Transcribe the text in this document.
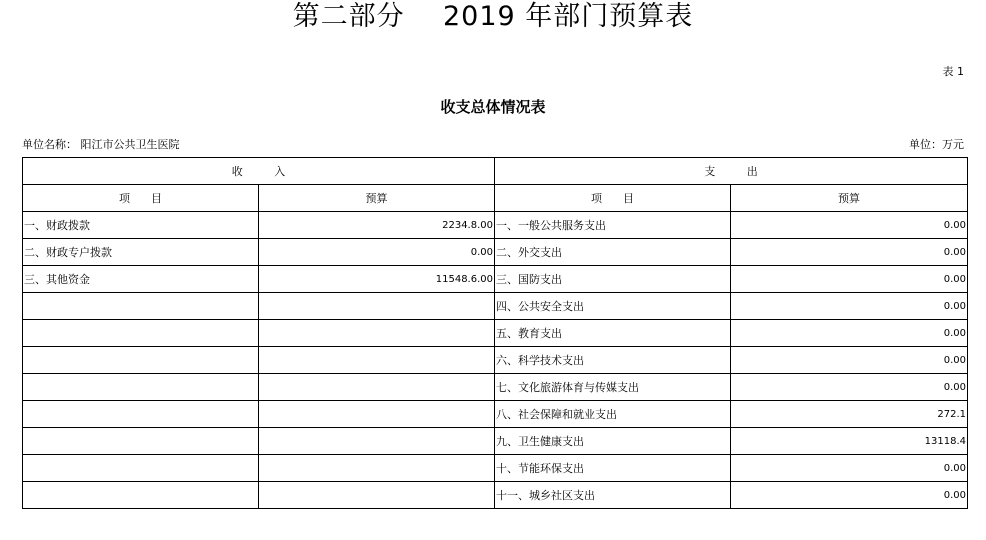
第二部分    2019 年部门预算表
表 1
收支总体情况表
单位名称： 阳江市公共卫生医院	单位：万元
收         入		支         出	
项      目	预算	项      目	预算
一、财政拨款	2234.8.00	一、一般公共服务支出	0.00
二、财政专户拨款	0.00	二、外交支出	0.00
三、其他资金	11548.6.00	三、国防支出	0.00
		四、公共安全支出	0.00
		五、教育支出	0.00
		六、科学技术支出	0.00
		七、文化旅游体育与传媒支出	0.00
		八、社会保障和就业支出	272.1
		九、卫生健康支出	13118.4
		十、节能环保支出	0.00
		十一、城乡社区支出	0.00
